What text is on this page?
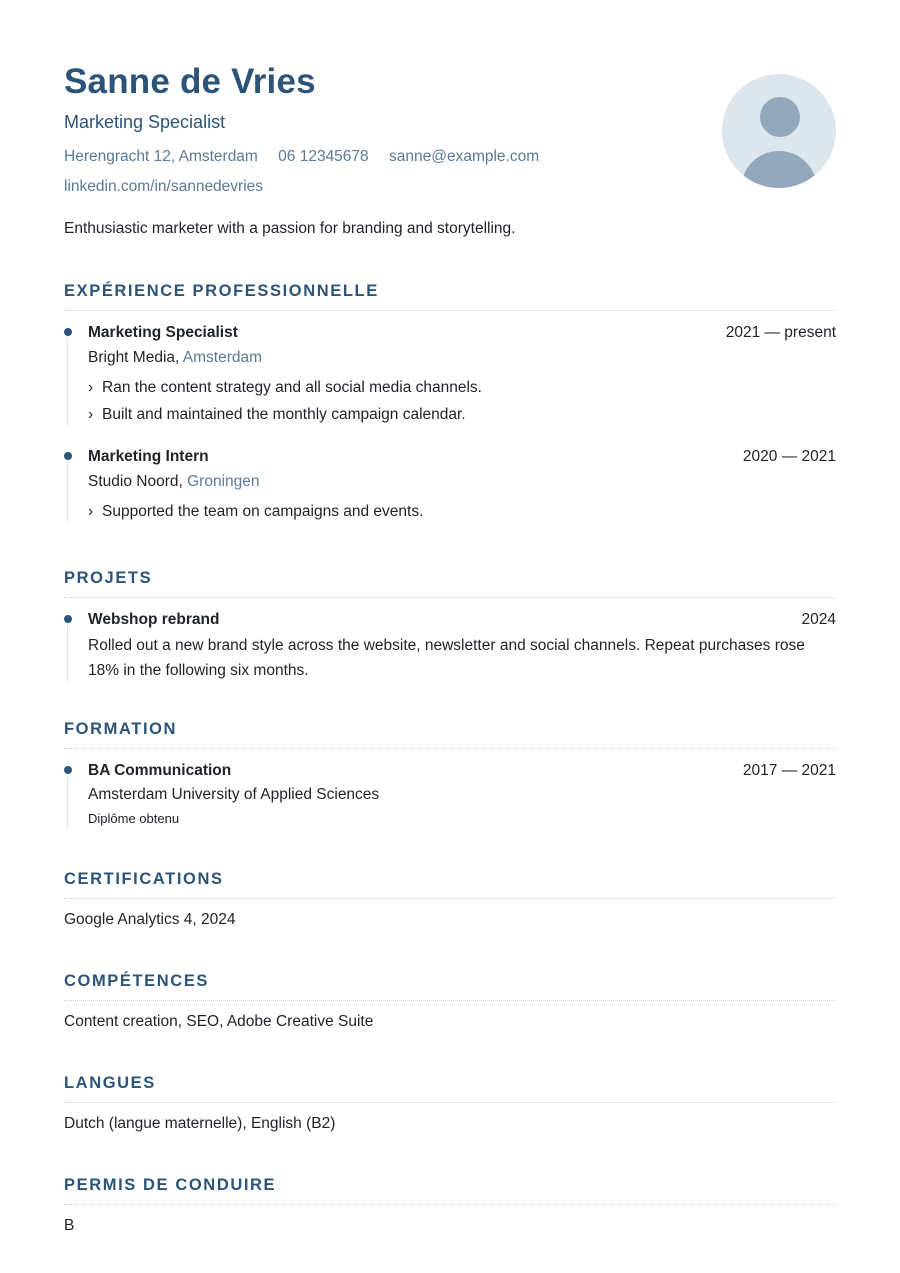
Sanne de Vries
Marketing Specialist
Herengracht 12, Amsterdam 06 12345678 sanne@example.com
linkedin.com/in/sannedevries
Enthusiastic marketer with a passion for branding and storytelling.
EXPÉRIENCE PROFESSIONNELLE
Marketing Specialist	2021 — present
Bright Media, Amsterdam
› Ran the content strategy and all social media channels.
› Built and maintained the monthly campaign calendar.
Marketing Intern	2020 — 2021
Studio Noord, Groningen
› Supported the team on campaigns and events.
PROJETS
Webshop rebrand	2024
Rolled out a new brand style across the website, newsletter and social channels. Repeat purchases rose 18% in the following six months.
FORMATION
BA Communication	2017 — 2021
Amsterdam University of Applied Sciences
Diplôme obtenu
CERTIFICATIONS
Google Analytics 4, 2024
COMPÉTENCES
Content creation, SEO, Adobe Creative Suite
LANGUES
Dutch (langue maternelle), English (B2)
PERMIS DE CONDUIRE
B
